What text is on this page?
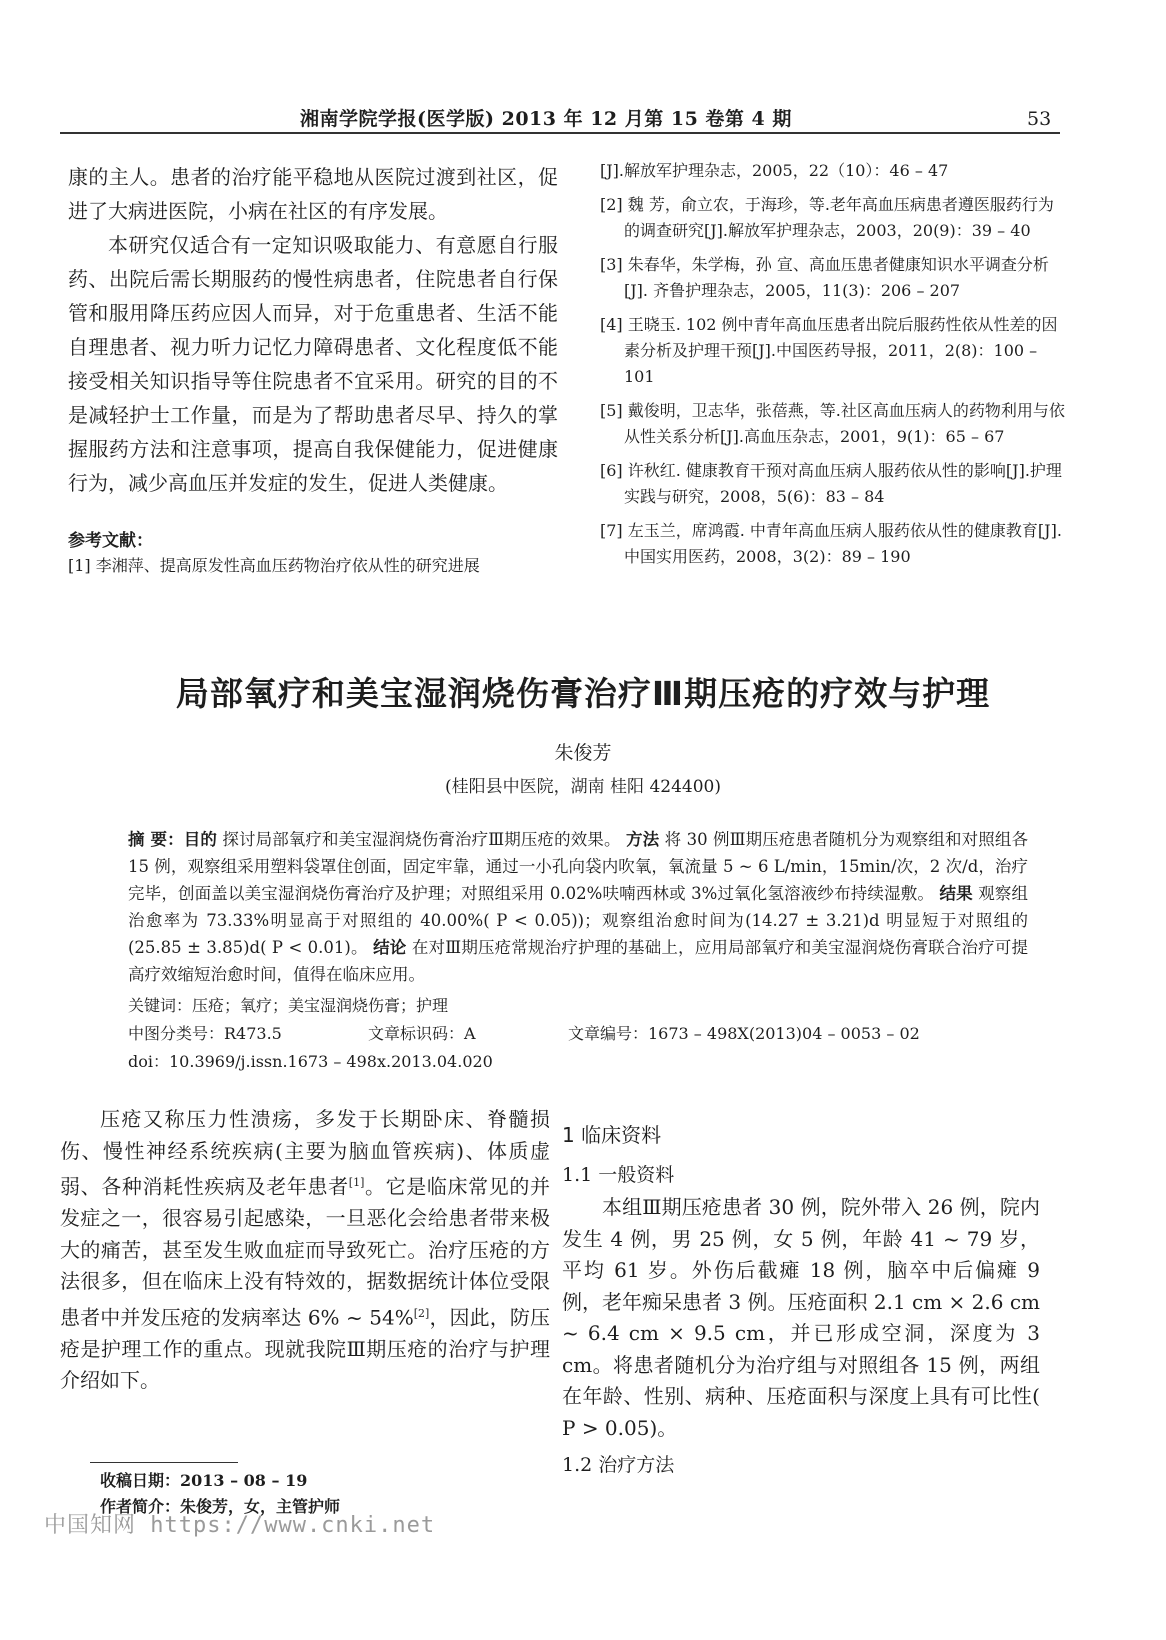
湘南学院学报(医学版) 2013 年 12 月第 15 卷第 4 期	53

康的主人。患者的治疗能平稳地从医院过渡到社区，促进了大病进医院，小病在社区的有序发展。

本研究仅适合有一定知识吸取能力、有意愿自行服药、出院后需长期服药的慢性病患者，住院患者自行保管和服用降压药应因人而异，对于危重患者、生活不能自理患者、视力听力记忆力障碍患者、文化程度低不能接受相关知识指导等住院患者不宜采用。研究的目的不是减轻护士工作量，而是为了帮助患者尽早、持久的掌握服药方法和注意事项，提高自我保健能力，促进健康行为，减少高血压并发症的发生，促进人类健康。

参考文献：
[1] 李湘萍、提高原发性高血压药物治疗依从性的研究进展

[J].解放军护理杂志，2005，22（10）：46 – 47

[2] 魏 芳，俞立农，于海珍，等.老年高血压病患者遵医服药行为的调查研究[J].解放军护理杂志，2003，20(9)：39 – 40

[3] 朱春华，朱学梅，孙 宣、高血压患者健康知识水平调查分析[J]. 齐鲁护理杂志，2005，11(3)：206 – 207

[4] 王晓玉. 102 例中青年高血压患者出院后服药性依从性差的因素分析及护理干预[J].中国医药导报，2011，2(8)：100 – 101

[5] 戴俊明，卫志华，张蓓燕，等.社区高血压病人的药物利用与依从性关系分析[J].高血压杂志，2001，9(1)：65 – 67

[6] 许秋红. 健康教育干预对高血压病人服药依从性的影响[J].护理实践与研究，2008，5(6)：83 – 84

[7] 左玉兰，席鸿霞. 中青年高血压病人服药依从性的健康教育[J]. 中国实用医药，2008，3(2)：89 – 190

局部氧疗和美宝湿润烧伤膏治疗Ⅲ期压疮的疗效与护理
朱俊芳
(桂阳县中医院，湖南 桂阳 424400)
摘 要：目的 探讨局部氧疗和美宝湿润烧伤膏治疗Ⅲ期压疮的效果。 方法 将 30 例Ⅲ期压疮患者随机分为观察组和对照组各 15 例，观察组采用塑料袋罩住创面，固定牢靠，通过一小孔向袋内吹氧，氧流量 5 ~ 6 L/min，15min/次，2 次/d，治疗完毕，创面盖以美宝湿润烧伤膏治疗及护理；对照组采用 0.02%呋喃西林或 3%过氧化氢溶液纱布持续湿敷。 结果 观察组治愈率为 73.33%明显高于对照组的 40.00%( P < 0.05))；观察组治愈时间为(14.27 ± 3.21)d 明显短于对照组的(25.85 ± 3.85)d( P < 0.01)。 结论 在对Ⅲ期压疮常规治疗护理的基础上，应用局部氧疗和美宝湿润烧伤膏联合治疗可提高疗效缩短治愈时间，值得在临床应用。
关键词：压疮；氧疗；美宝湿润烧伤膏；护理
中图分类号：R473.5	文章标识码：A	文章编号：1673 – 498X(2013)04 – 0053 – 02
doi：10.3969/j.issn.1673 – 498x.2013.04.020

压疮又称压力性溃疡，多发于长期卧床、脊髓损伤、慢性神经系统疾病(主要为脑血管疾病)、体质虚弱、各种消耗性疾病及老年患者[1]。它是临床常见的并发症之一，很容易引起感染，一旦恶化会给患者带来极大的痛苦，甚至发生败血症而导致死亡。治疗压疮的方法很多，但在临床上没有特效的，据数据统计体位受限患者中并发压疮的发病率达 6% ~ 54%[2]，因此，防压疮是护理工作的重点。现就我院Ⅲ期压疮的治疗与护理介绍如下。

1 临床资料
1.1 一般资料

本组Ⅲ期压疮患者 30 例，院外带入 26 例，院内发生 4 例，男 25 例，女 5 例，年龄 41 ~ 79 岁，平均 61 岁。外伤后截瘫 18 例，脑卒中后偏瘫 9 例，老年痴呆患者 3 例。压疮面积 2.1 cm × 2.6 cm ~ 6.4 cm × 9.5 cm，并已形成空洞，深度为 3 cm。将患者随机分为治疗组与对照组各 15 例，两组在年龄、性别、病种、压疮面积与深度上具有可比性( P > 0.05)。

1.2 治疗方法
收稿日期：2013 – 08 – 19
作者简介：朱俊芳，女，主管护师
中国知网 https://www.cnki.net
